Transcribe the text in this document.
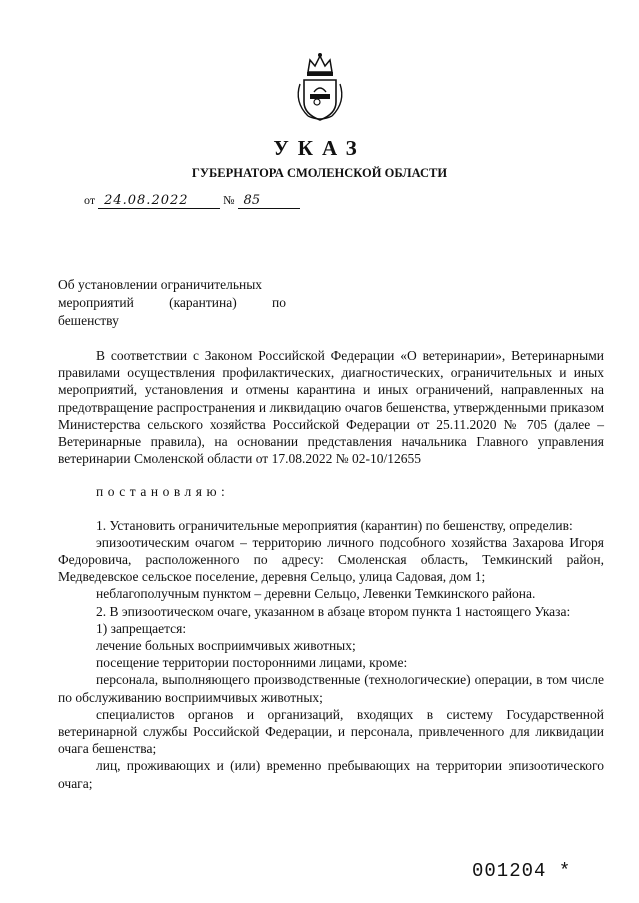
УКАЗ
ГУБЕРНАТОРА СМОЛЕНСКОЙ ОБЛАСТИ
от 24.08.2022	№ 85
Об установлении ограничительных

мероприятий (карантина) по
бешенству

В соответствии с Законом Российской Федерации «О ветеринарии», Ветеринарными правилами осуществления профилактических, диагностических, ограничительных и иных мероприятий, установления и отмены карантина и иных ограничений, направленных на предотвращение распространения и ликвидацию очагов бешенства, утвержденными приказом Министерства сельского хозяйства Российской Федерации от 25.11.2020 № 705 (далее – Ветеринарные правила), на основании представления начальника Главного управления ветеринарии Смоленской области от 17.08.2022 № 02-10/12655

постановляю:

1. Установить ограничительные мероприятия (карантин) по бешенству, определив:

эпизоотическим очагом – территорию личного подсобного хозяйства Захарова Игоря Федоровича, расположенного по адресу: Смоленская область, Темкинский район, Медведевское сельское поселение, деревня Сельцо, улица Садовая, дом 1;

неблагополучным пунктом – деревни Сельцо, Левенки Темкинского района.

2. В эпизоотическом очаге, указанном в абзаце втором пункта 1 настоящего Указа:

1) запрещается:

лечение больных восприимчивых животных;

посещение территории посторонними лицами, кроме:

персонала, выполняющего производственные (технологические) операции, в том числе по обслуживанию восприимчивых животных;

специалистов органов и организаций, входящих в систему Государственной ветеринарной службы Российской Федерации, и персонала, привлеченного для ликвидации очага бешенства;

лиц, проживающих и (или) временно пребывающих на территории эпизоотического очага;

001204 *
